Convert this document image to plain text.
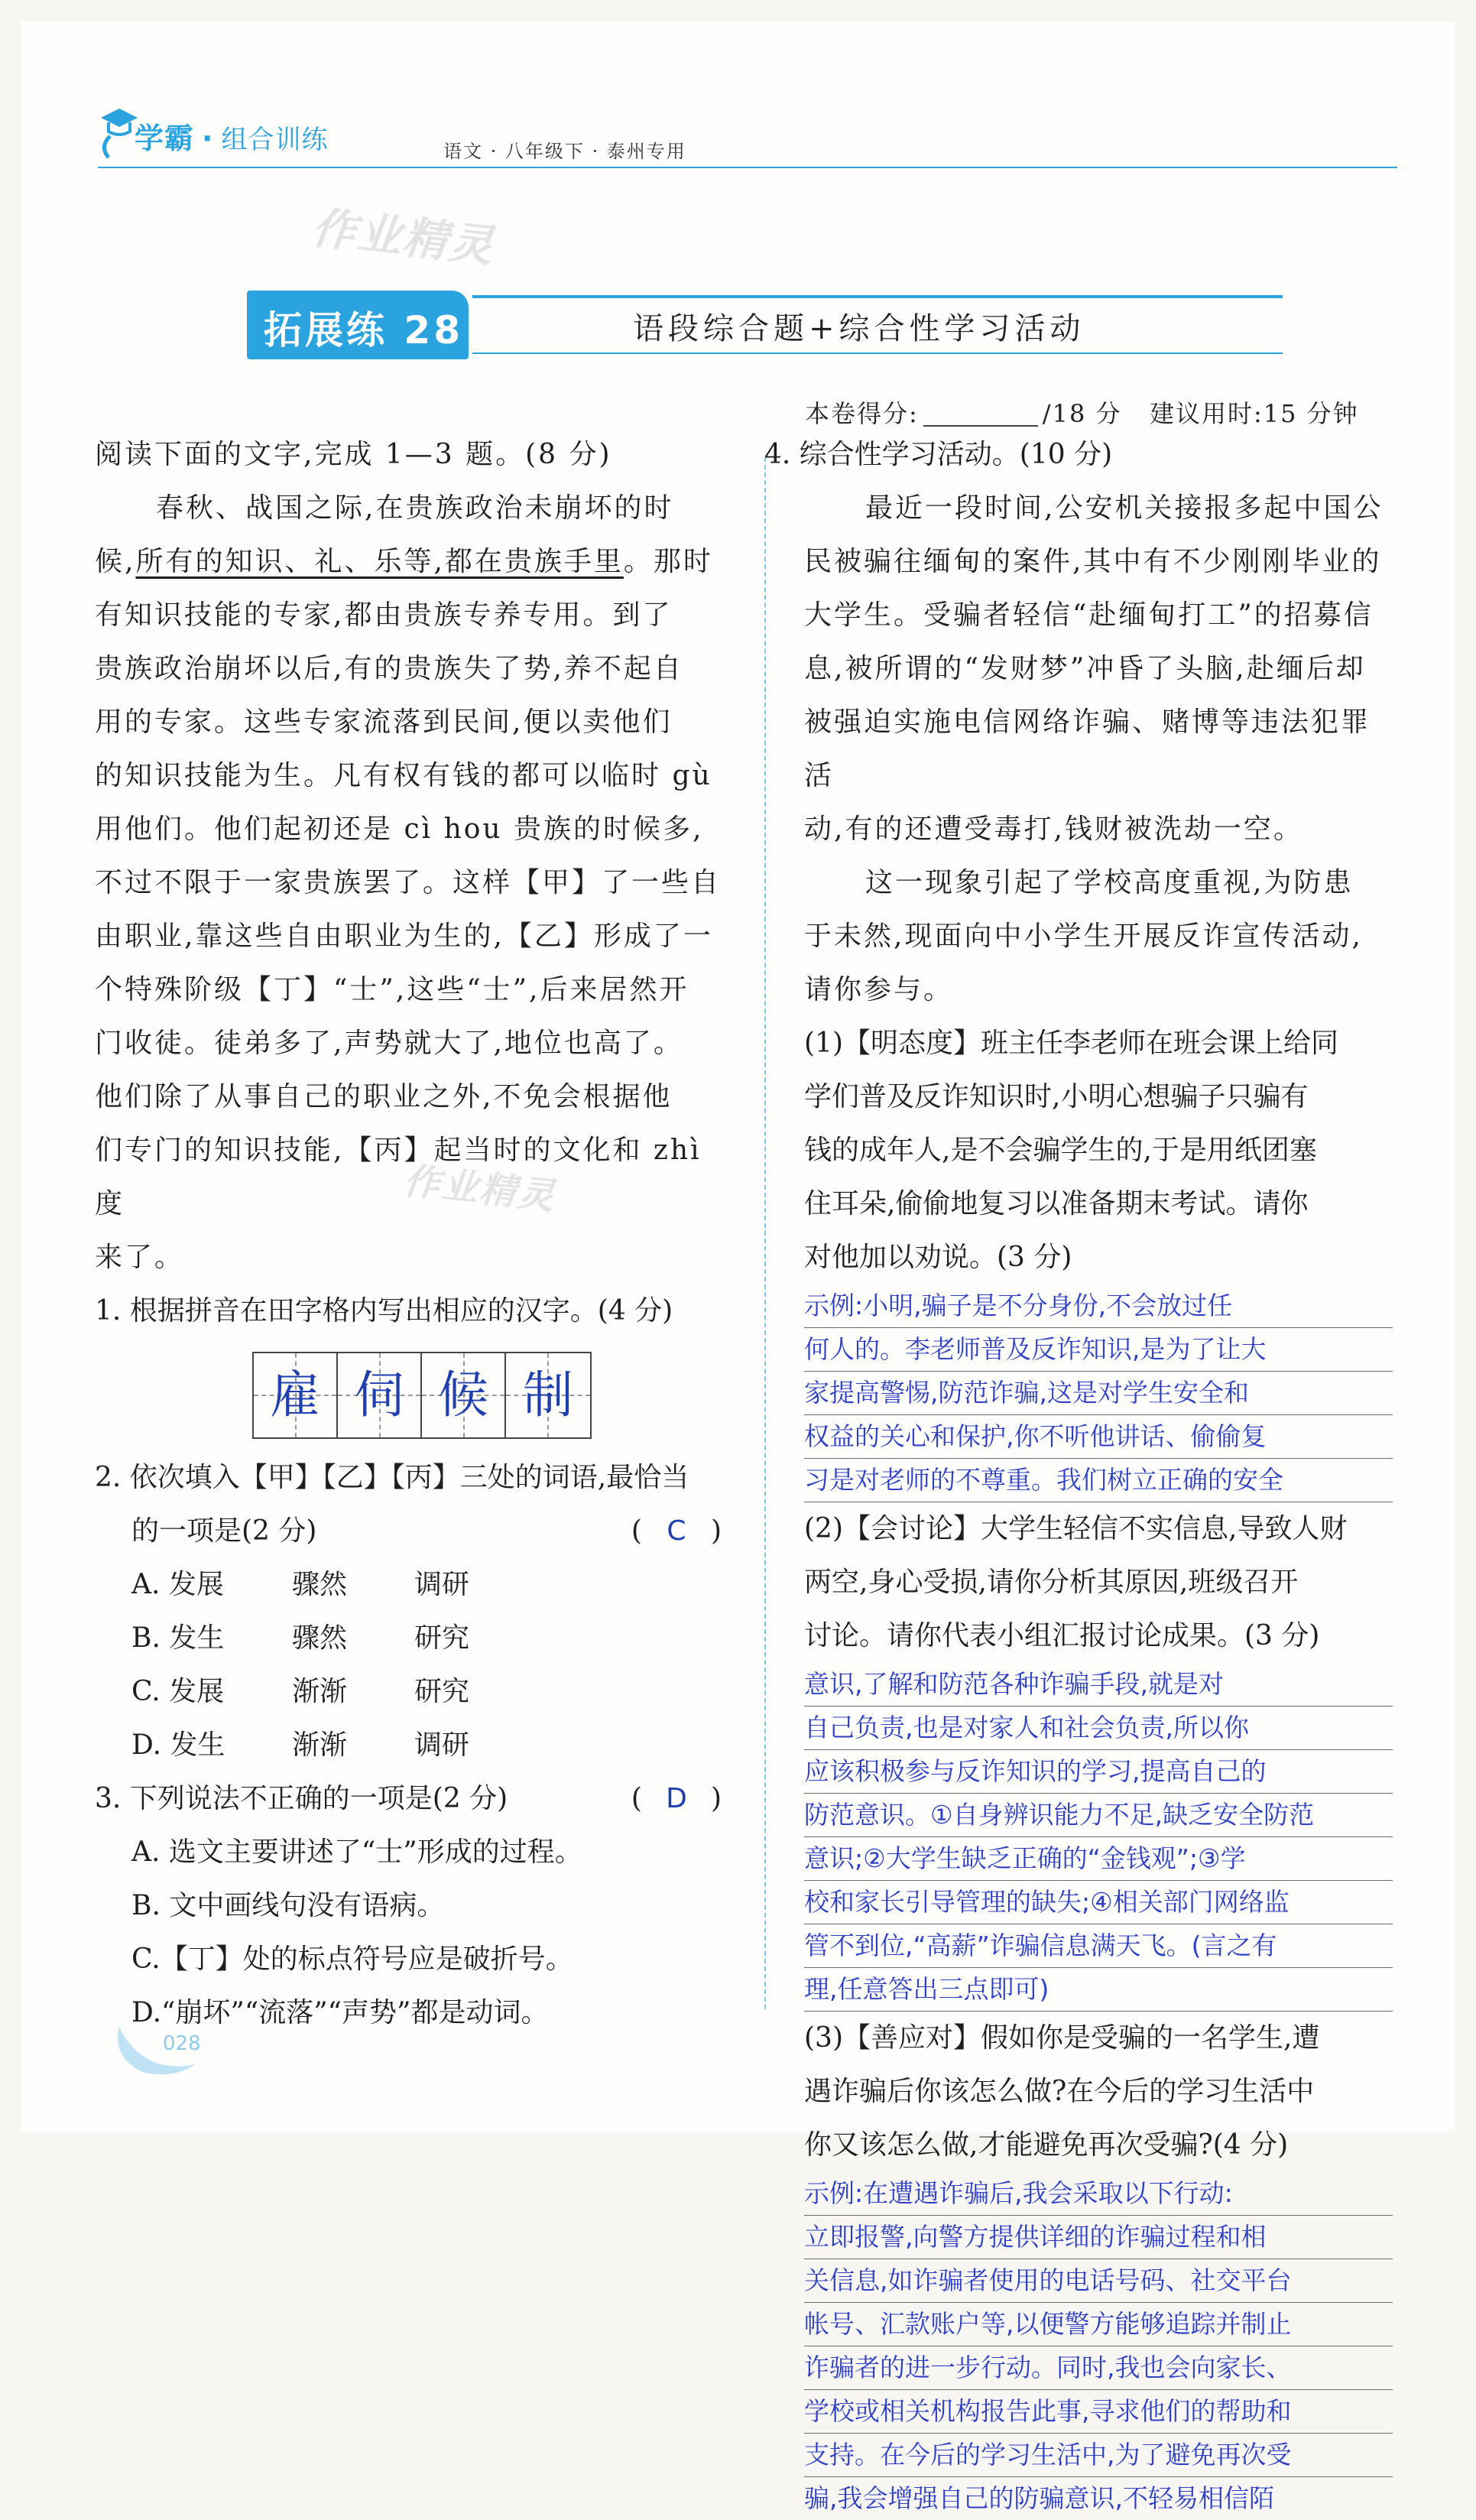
学霸 · 组合训练	语文 · 八年级下 · 泰州专用
作业精灵
拓展练 28	语段综合题+综合性学习活动
本卷得分:	/18 分 建议用时:15 分钟

阅读下面的文字,完成 1—3 题。(8 分)

春秋、战国之际,在贵族政治未崩坏的时

候,所有的知识、礼、乐等,都在贵族手里。那时

有知识技能的专家,都由贵族专养专用。到了

贵族政治崩坏以后,有的贵族失了势,养不起自

用的专家。这些专家流落到民间,便以卖他们

的知识技能为生。凡有权有钱的都可以临时 gù

用他们。他们起初还是 cì hou 贵族的时候多,

不过不限于一家贵族罢了。这样【甲】了一些自

由职业,靠这些自由职业为生的,【乙】形成了一

个特殊阶级【丁】“士”,这些“士”,后来居然开

门收徒。徒弟多了,声势就大了,地位也高了。

他们除了从事自己的职业之外,不免会根据他

们专门的知识技能,【丙】起当时的文化和 zhì 度

来了。

1. 根据拼音在田字格内写出相应的汉字。(4 分)

雇 伺 候 制

2. 依次填入【甲】【乙】【丙】三处的词语,最恰当

的一项是(2 分)	( C )

A. 发展	骤然	调研
B. 发生	骤然	研究
C. 发展	渐渐	研究
D. 发生	渐渐	调研

3. 下列说法不正确的一项是(2 分)	( D )

A. 选文主要讲述了“士”形成的过程。

B. 文中画线句没有语病。

C.【丁】处的标点符号应是破折号。

D.“崩坏”“流落”“声势”都是动词。

4. 综合性学习活动。(10 分)

最近一段时间,公安机关接报多起中国公

民被骗往缅甸的案件,其中有不少刚刚毕业的

大学生。受骗者轻信“赴缅甸打工”的招募信

息,被所谓的“发财梦”冲昏了头脑,赴缅后却

被强迫实施电信网络诈骗、赌博等违法犯罪活

动,有的还遭受毒打,钱财被洗劫一空。

这一现象引起了学校高度重视,为防患

于未然,现面向中小学生开展反诈宣传活动,

请你参与。

(1)【明态度】班主任李老师在班会课上给同

学们普及反诈知识时,小明心想骗子只骗有

钱的成年人,是不会骗学生的,于是用纸团塞

住耳朵,偷偷地复习以准备期末考试。请你

对他加以劝说。(3 分)

示例:小明,骗子是不分身份,不会放过任
何人的。李老师普及反诈知识,是为了让大
家提高警惕,防范诈骗,这是对学生安全和
权益的关心和保护,你不听他讲话、偷偷复
习是对老师的不尊重。我们树立正确的安全

(2)【会讨论】大学生轻信不实信息,导致人财

两空,身心受损,请你分析其原因,班级召开

讨论。请你代表小组汇报讨论成果。(3 分)

意识,了解和防范各种诈骗手段,就是对
自己负责,也是对家人和社会负责,所以你
应该积极参与反诈知识的学习,提高自己的
防范意识。①自身辨识能力不足,缺乏安全防范
意识;②大学生缺乏正确的“金钱观”;③学
校和家长引导管理的缺失;④相关部门网络监
管不到位,“高薪”诈骗信息满天飞。(言之有
理,任意答出三点即可)

(3)【善应对】假如你是受骗的一名学生,遭

遇诈骗后你该怎么做?在今后的学习生活中

你又该怎么做,才能避免再次受骗?(4 分)

示例:在遭遇诈骗后,我会采取以下行动:
立即报警,向警方提供详细的诈骗过程和相
关信息,如诈骗者使用的电话号码、社交平台
帐号、汇款账户等,以便警方能够追踪并制止
诈骗者的进一步行动。同时,我也会向家长、
学校或相关机构报告此事,寻求他们的帮助和
支持。在今后的学习生活中,为了避免再次受
骗,我会增强自己的防骗意识,不轻易相信陌
作业精灵
028
